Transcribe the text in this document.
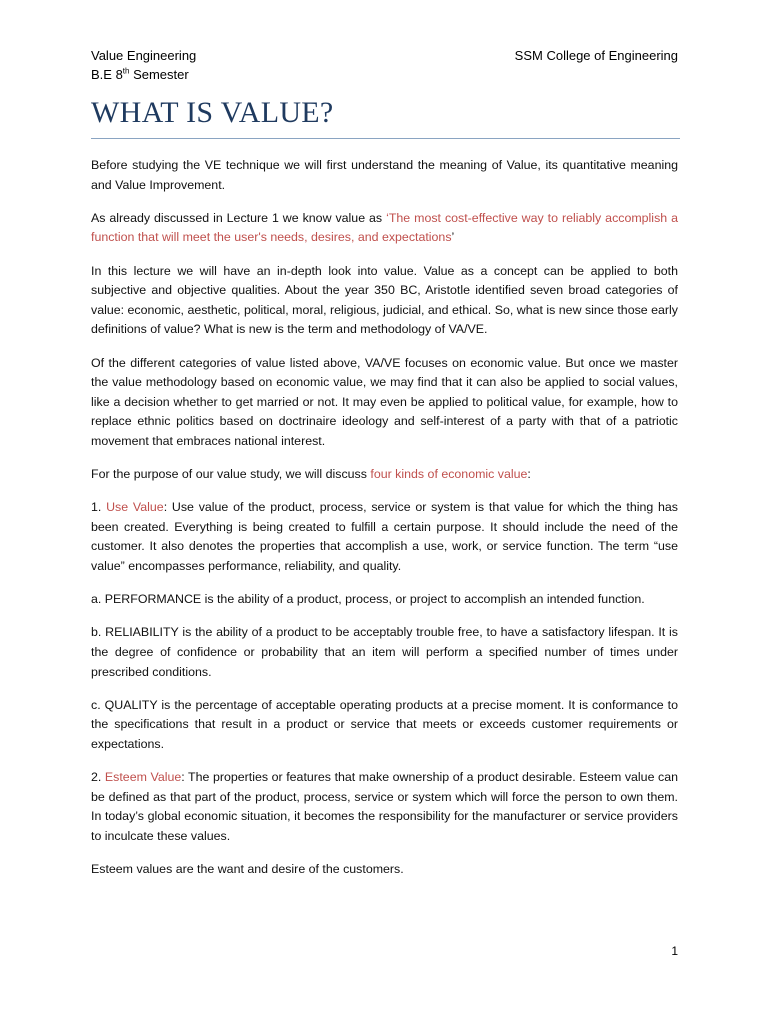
Value Engineering
B.E 8th Semester
SSM College of Engineering
WHAT IS VALUE?

Before studying the VE technique we will first understand the meaning of Value, its quantitative meaning and Value Improvement.

As already discussed in Lecture 1 we know value as ‘The most cost-effective way to reliably accomplish a function that will meet the user's needs, desires, and expectations’

In this lecture we will have an in-depth look into value. Value as a concept can be applied to both subjective and objective qualities. About the year 350 BC, Aristotle identified seven broad categories of value: economic, aesthetic, political, moral, religious, judicial, and ethical. So, what is new since those early definitions of value? What is new is the term and methodology of VA/VE.

Of the different categories of value listed above, VA/VE focuses on economic value. But once we master the value methodology based on economic value, we may find that it can also be applied to social values, like a decision whether to get married or not. It may even be applied to political value, for example, how to replace ethnic politics based on doctrinaire ideology and self-interest of a party with that of a patriotic movement that embraces national interest.

For the purpose of our value study, we will discuss four kinds of economic value:

1. Use Value: Use value of the product, process, service or system is that value for which the thing has been created. Everything is being created to fulfill a certain purpose. It should include the need of the customer. It also denotes the properties that accomplish a use, work, or service function. The term “use value” encompasses performance, reliability, and quality.

a. PERFORMANCE is the ability of a product, process, or project to accomplish an intended function.

b. RELIABILITY is the ability of a product to be acceptably trouble free, to have a satisfactory lifespan. It is the degree of confidence or probability that an item will perform a specified number of times under prescribed conditions.

c. QUALITY is the percentage of acceptable operating products at a precise moment. It is conformance to the specifications that result in a product or service that meets or exceeds customer requirements or expectations.

2. Esteem Value: The properties or features that make ownership of a product desirable. Esteem value can be defined as that part of the product, process, service or system which will force the person to own them. In today’s global economic situation, it becomes the responsibility for the manufacturer or service providers to inculcate these values.

Esteem values are the want and desire of the customers.

1
